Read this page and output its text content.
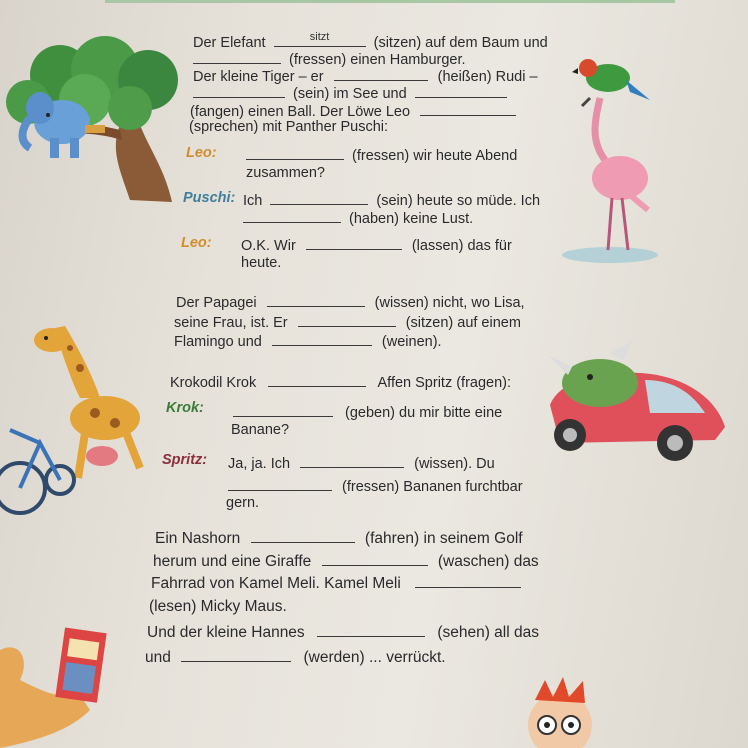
Der Elefant	sitzt	(sitzen) auf dem Baum und
(fressen) einen Hamburger.
Der kleine Tiger – er	(heißen) Rudi –
(sein) im See und
(fangen) einen Ball. Der Löwe Leo
(sprechen) mit Panther Puschi:
Leo:	(fressen) wir heute Abend
zusammen?
Puschi: Ich	(sein) heute so müde. Ich
(haben) keine Lust.
Leo: O.K. Wir	(lassen) das für
heute.
Der Papagei	(wissen) nicht, wo Lisa,
seine Frau, ist. Er	(sitzen) auf einem
Flamingo und	(weinen).
Krokodil Krok	Affen Spritz (fragen):
Krok:	(geben) du mir bitte eine
Banane?
Spritz: Ja, ja. Ich	(wissen). Du
(fressen) Bananen furchtbar
gern.
Ein Nashorn	(fahren) in seinem Golf
herum und eine Giraffe	(waschen) das
Fahrrad von Kamel Meli. Kamel Meli
(lesen) Micky Maus.
Und der kleine Hannes	(sehen) all das
und	(werden) ... verrückt.
